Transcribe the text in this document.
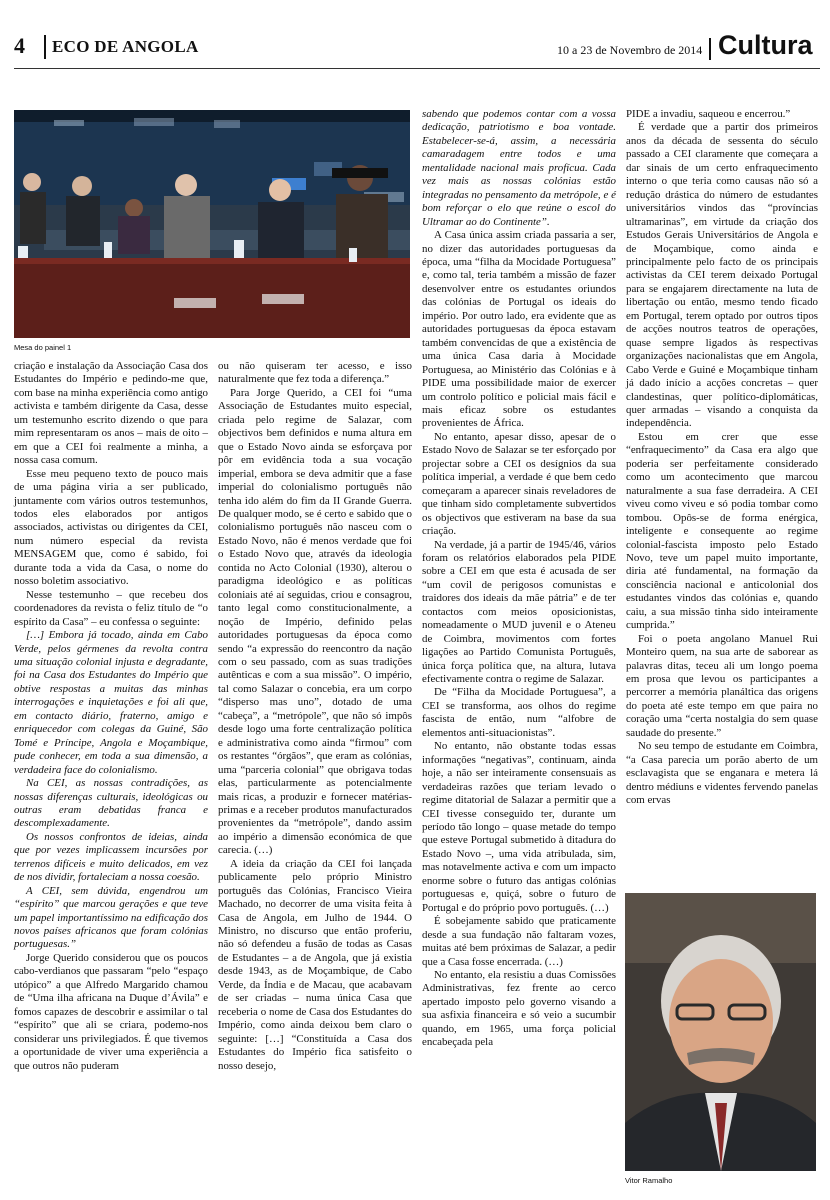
4 ECO DE ANGOLA	10 a 23 de Novembro de 2014 Cultura
Mesa do painel 1
Vitor Ramalho

criação e instalação da Associação Casa dos Estudantes do Império e pedindo-me que, com base na minha experiência como antigo activista e também dirigente da Casa, desse um testemunho escrito dizendo o que para mim representaram os anos – mais de oito – em que a CEI foi realmente a minha, a nossa casa comum.

Esse meu pequeno texto de pouco mais de uma página viria a ser publicado, juntamente com vários outros testemunhos, todos eles elaborados por antigos associados, activistas ou dirigentes da CEI, num número especial da revista MENSAGEM que, como é sabido, foi durante toda a vida da Casa, o nome do nosso boletim associativo.

Nesse testemunho – que recebeu dos coordenadores da revista o feliz título de “o espírito da Casa” – eu confessa o seguinte:

[…] Embora já tocado, ainda em Cabo Verde, pelos gérmenes da revolta contra uma situação colonial injusta e degradante, foi na Casa dos Estudantes do Império que obtive respostas a muitas das minhas interrogações e inquietações e foi ali que, em contacto diário, fraterno, amigo e enriquecedor com colegas da Guiné, São Tomé e Príncipe, Angola e Moçambique, pude conhecer, em toda a sua dimensão, a verdadeira face do colonialismo.

Na CEI, as nossas contradições, as nossas diferenças culturais, ideológicas ou outras eram debatidas franca e descomplexadamente.

Os nossos confrontos de ideias, ainda que por vezes implicassem incursões por terrenos difíceis e muito delicados, em vez de nos dividir, fortaleciam a nossa coesão.

A CEI, sem dúvida, engendrou um “espírito” que marcou gerações e que teve um papel importantíssimo na edificação dos novos países africanos que foram colónias portuguesas.”

Jorge Querido considerou que os poucos cabo-verdianos que passaram “pelo “espaço utópico” a que Alfredo Margarido chamou de “Uma ilha africana na Duque d’Ávila” e fomos capazes de descobrir e assimilar o tal “espírito” que ali se criara, podemo-nos considerar uns privilegiados. É que tivemos a oportunidade de viver uma experiência a que outros não puderam

ou não quiseram ter acesso, e isso naturalmente que fez toda a diferença.”

Para Jorge Querido, a CEI foi “uma Associação de Estudantes muito especial, criada pelo regime de Salazar, com objectivos bem definidos e numa altura em que o Estado Novo ainda se esforçava por pôr em evidência toda a sua vocação imperial, embora se deva admitir que a fase imperial do colonialismo português não tenha ido além do fim da II Grande Guerra. De qualquer modo, se é certo e sabido que o colonialismo português não nasceu com o Estado Novo, não é menos verdade que foi o Estado Novo que, através da ideologia contida no Acto Colonial (1930), alterou o paradigma ideológico e as políticas coloniais até aí seguidas, criou e consagrou, tanto legal como constitucionalmente, a noção de Império, definido pelas autoridades portuguesas da época como sendo “a expressão do reencontro da nação com o seu passado, com as suas tradições autênticas e com a sua missão”. O império, tal como Salazar o concebia, era um corpo “disperso mas uno”, dotado de uma “cabeça”, a “metrópole”, que não só impôs desde logo uma forte centralização política e administrativa como ainda “firmou” com os restantes “órgãos”, que eram as colónias, uma “parceria colonial” que obrigava todas elas, particularmente as potencialmente mais ricas, a produzir e fornecer matérias-primas e a receber produtos manufacturados provenientes da “metrópole”, dando assim ao império a dimensão económica de que carecia. (…)

A ideia da criação da CEI foi lançada publicamente pelo próprio Ministro português das Colónias, Francisco Vieira Machado, no decorrer de uma visita feita à Casa de Angola, em Julho de 1944. O Ministro, no discurso que então proferiu, não só defendeu a fusão de todas as Casas de Estudantes – a de Angola, que já existia desde 1943, as de Moçambique, de Cabo Verde, da Índia e de Macau, que acabavam de ser criadas – numa única Casa que receberia o nome de Casa dos Estudantes do Império, como ainda deixou bem claro o seguinte: […] “Constituída a Casa dos Estudantes do Império fica satisfeito o nosso desejo,

sabendo que podemos contar com a vossa dedicação, patriotismo e boa vontade. Estabelecer-se-á, assim, a necessária camaradagem entre todos e uma mentalidade nacional mais profícua. Cada vez mais as nossas colónias estão integradas no pensamento da metrópole, e é bom reforçar o elo que reúne o escol do Ultramar ao do Continente”.

A Casa única assim criada passaria a ser, no dizer das autoridades portuguesas da época, uma “filha da Mocidade Portuguesa” e, como tal, teria também a missão de fazer desenvolver entre os estudantes oriundos das colónias de Portugal os ideais do império. Por outro lado, era evidente que as autoridades portuguesas da época estavam também convencidas de que a existência de uma única Casa daria à Mocidade Portuguesa, ao Ministério das Colónias e à PIDE uma possibilidade maior de exercer um controlo político e policial mais fácil e mais eficaz sobre os estudantes provenientes de África.

No entanto, apesar disso, apesar de o Estado Novo de Salazar se ter esforçado por projectar sobre a CEI os desígnios da sua política imperial, a verdade é que bem cedo começaram a aparecer sinais reveladores de que tinham sido completamente subvertidos os objectivos que estiveram na base da sua criação.

Na verdade, já a partir de 1945/46, vários foram os relatórios elaborados pela PIDE sobre a CEI em que esta é acusada de ser “um covil de perigosos comunistas e traidores dos ideais da mãe pátria” e de ter contactos com meios oposicionistas, nomeadamente o MUD juvenil e o Ateneu de Coimbra, movimentos com fortes ligações ao Partido Comunista Português, única força política que, na altura, lutava efectivamente contra o regime de Salazar.

De “Filha da Mocidade Portuguesa”, a CEI se transforma, aos olhos do regime fascista de então, num “alfobre de elementos anti-situacionistas”.

No entanto, não obstante todas essas informações “negativas”, continuam, ainda hoje, a não ser inteiramente consensuais as verdadeiras razões que teriam levado o regime ditatorial de Salazar a permitir que a CEI tivesse conseguido ter, durante um período tão longo – quase metade do tempo que esteve Portugal submetido à ditadura do Estado Novo –, uma vida atribulada, sim, mas notavelmente activa e com um impacto enorme sobre o futuro das antigas colónias portuguesas e, quiçá, sobre o futuro de Portugal e do próprio povo português. (…)

É sobejamente sabido que praticamente desde a sua fundação não faltaram vozes, muitas até bem próximas de Salazar, a pedir que a Casa fosse encerrada. (…)

No entanto, ela resistiu a duas Comissões Administrativas, fez frente ao cerco apertado imposto pelo governo visando a sua asfixia financeira e só veio a sucumbir quando, em 1965, uma força policial encabeçada pela

PIDE a invadiu, saqueou e encerrou.”

É verdade que a partir dos primeiros anos da década de sessenta do século passado a CEI claramente que começara a dar sinais de um certo enfraquecimento interno o que teria como causas não só a redução drástica do número de estudantes universitários vindos das “províncias ultramarinas”, em virtude da criação dos Estudos Gerais Universitários de Angola e de Moçambique, como ainda e principalmente pelo facto de os principais activistas da CEI terem deixado Portugal para se engajarem directamente na luta de libertação ou então, mesmo tendo ficado em Portugal, terem optado por outros tipos de acções noutros teatros de operações, quase sempre ligados às respectivas organizações nacionalistas que em Angola, Cabo Verde e Guiné e Moçambique tinham já dado início a acções concretas – quer clandestinas, quer político-diplomáticas, quer armadas – visando a conquista da independência.

Estou em crer que esse “enfraquecimento” da Casa era algo que poderia ser perfeitamente considerado como um acontecimento que marcou naturalmente a sua fase derradeira. A CEI viveu como viveu e só podia tombar como tombou. Opôs-se de forma enérgica, inteligente e consequente ao regime colonial-fascista imposto pelo Estado Novo, teve um papel muito importante, diria até fundamental, na formação da consciência nacional e anticolonial dos estudantes vindos das colónias e, quando caiu, a sua missão tinha sido inteiramente cumprida.”

Foi o poeta angolano Manuel Rui Monteiro quem, na sua arte de saborear as palavras ditas, teceu ali um longo poema em prosa que levou os participantes a percorrer a memória planáltica das origens do poeta até este tempo em que paira no coração uma “certa nostalgia do sem quase saudade do presente.”

No seu tempo de estudante em Coimbra, “a Casa parecia um porão aberto de um esclavagista que se enganara e metera lá dentro médiuns e videntes fervendo panelas com ervas
